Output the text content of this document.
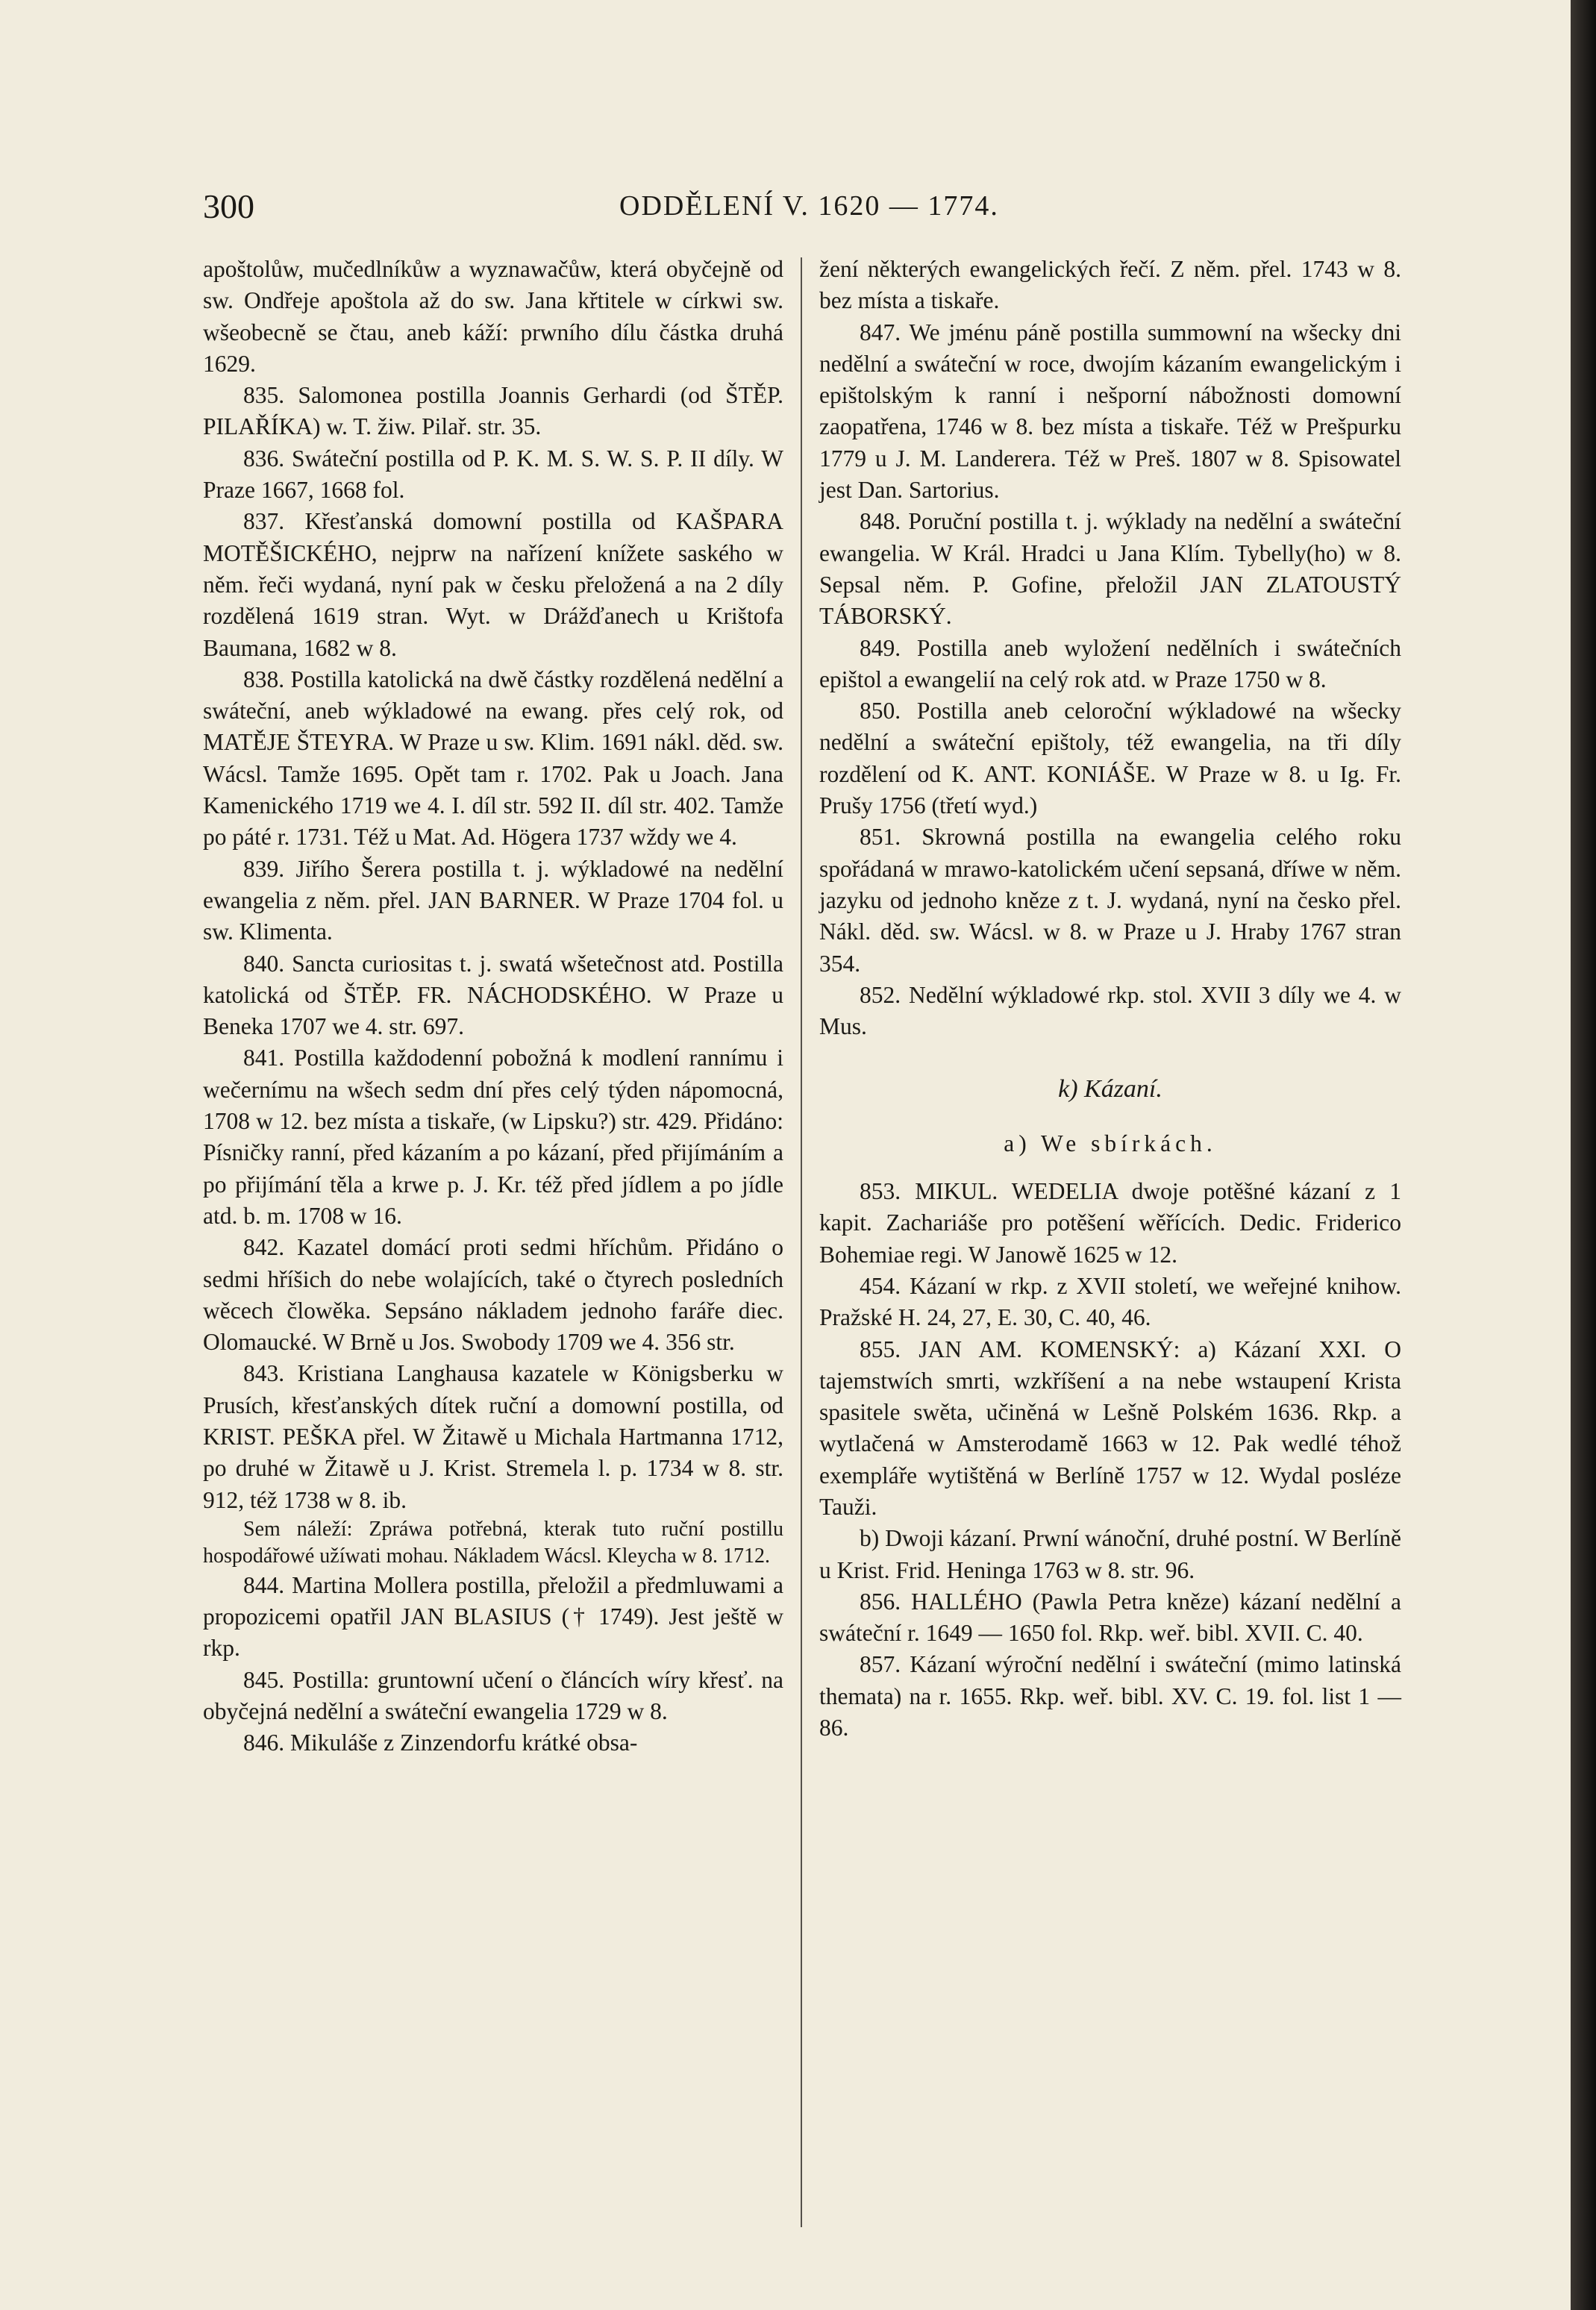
300	ODDĚLENÍ V. 1620 — 1774.

apoštolůw, mučedlníkůw a wyznawačůw, která obyčejně od sw. Ondřeje apoštola až do sw. Jana křtitele w církwi sw. wšeobecně se čtau, aneb káží: prwního dílu částka druhá 1629.

835. Salomonea postilla Joannis Gerhardi (od ŠTĚP. PILAŘÍKA) w. T. žiw. Pilař. str. 35.

836. Swáteční postilla od P. K. M. S. W. S. P. II díly. W Praze 1667, 1668 fol.

837. Křesťanská domowní postilla od KAŠPARA MOTĚŠICKÉHO, nejprw na nařízení knížete saského w něm. řeči wydaná, nyní pak w česku přeložená a na 2 díly rozdělená 1619 stran. Wyt. w Drážďanech u Krištofa Baumana, 1682 w 8.

838. Postilla katolická na dwě částky rozdělená nedělní a swáteční, aneb wýkladowé na ewang. přes celý rok, od MATĚJE ŠTEYRA. W Praze u sw. Klim. 1691 nákl. děd. sw. Wácsl. Tamže 1695. Opět tam r. 1702. Pak u Joach. Jana Kamenického 1719 we 4. I. díl str. 592 II. díl str. 402. Tamže po páté r. 1731. Též u Mat. Ad. Högera 1737 wždy we 4.

839. Jiřího Šerera postilla t. j. wýkladowé na nedělní ewangelia z něm. přel. JAN BARNER. W Praze 1704 fol. u sw. Klimenta.

840. Sancta curiositas t. j. swatá wšetečnost atd. Postilla katolická od ŠTĚP. FR. NÁCHODSKÉHO. W Praze u Beneka 1707 we 4. str. 697.

841. Postilla každodenní pobožná k modlení rannímu i wečernímu na wšech sedm dní přes celý týden nápomocná, 1708 w 12. bez místa a tiskaře, (w Lipsku?) str. 429. Přidáno: Písničky ranní, před kázaním a po kázaní, před přijímáním a po přijímání těla a krwe p. J. Kr. též před jídlem a po jídle atd. b. m. 1708 w 16.

842. Kazatel domácí proti sedmi hříchům. Přidáno o sedmi hříšich do nebe wolajících, také o čtyrech posledních wěcech člowěka. Sepsáno nákladem jednoho faráře diec. Olomaucké. W Brně u Jos. Swobody 1709 we 4. 356 str.

843. Kristiana Langhausa kazatele w Königsberku w Prusích, křesťanských dítek ruční a domowní postilla, od KRIST. PEŠKA přel. W Žitawě u Michala Hartmanna 1712, po druhé w Žitawě u J. Krist. Stremela l. p. 1734 w 8. str. 912, též 1738 w 8. ib.

Sem náleží: Zpráwa potřebná, kterak tuto ruční postillu hospodářowé užíwati mohau. Nákladem Wácsl. Kleycha w 8. 1712.

844. Martina Mollera postilla, přeložil a předmluwami a propozicemi opatřil JAN BLASIUS († 1749). Jest ještě w rkp.

845. Postilla: gruntowní učení o článcích wíry křesť. na obyčejná nedělní a swáteční ewangelia 1729 w 8.

846. Mikuláše z Zinzendorfu krátké obsa-

žení některých ewangelických řečí. Z něm. přel. 1743 w 8. bez místa a tiskaře.

847. We jménu páně postilla summowní na wšecky dni nedělní a swáteční w roce, dwojím kázaním ewangelickým i epištolským k ranní i nešporní nábožnosti domowní zaopatřena, 1746 w 8. bez místa a tiskaře. Též w Prešpurku 1779 u J. M. Landerera. Též w Preš. 1807 w 8. Spisowatel jest Dan. Sartorius.

848. Poruční postilla t. j. wýklady na nedělní a swáteční ewangelia. W Král. Hradci u Jana Klím. Tybelly(ho) w 8. Sepsal něm. P. Gofine, přeložil JAN ZLATOUSTÝ TÁBORSKÝ.

849. Postilla aneb wyložení nedělních i swátečních epištol a ewangelií na celý rok atd. w Praze 1750 w 8.

850. Postilla aneb celoroční wýkladowé na wšecky nedělní a swáteční epištoly, též ewangelia, na tři díly rozdělení od K. ANT. KONIÁŠE. W Praze w 8. u Ig. Fr. Prušy 1756 (třetí wyd.)

851. Skrowná postilla na ewangelia celého roku spořádaná w mrawo-katolickém učení sepsaná, dříwe w něm. jazyku od jednoho kněze z t. J. wydaná, nyní na česko přel. Nákl. děd. sw. Wácsl. w 8. w Praze u J. Hraby 1767 stran 354.

852. Nedělní wýkladowé rkp. stol. XVII 3 díly we 4. w Mus.

k) Kázaní.
a) We sbírkách.

853. MIKUL. WEDELIA dwoje potěšné kázaní z 1 kapit. Zachariáše pro potěšení wěřících. Dedic. Friderico Bohemiae regi. W Janowě 1625 w 12.

454. Kázaní w rkp. z XVII století, we weřejné knihow. Pražské H. 24, 27, E. 30, C. 40, 46.

855. JAN AM. KOMENSKÝ: a) Kázaní XXI. O tajemstwích smrti, wzkříšení a na nebe wstaupení Krista spasitele swěta, učiněná w Lešně Polském 1636. Rkp. a wytlačená w Amsterodamě 1663 w 12. Pak wedlé téhož exempláře wytištěná w Berlíně 1757 w 12. Wydal posléze Tauži.

b) Dwoji kázaní. Prwní wánoční, druhé postní. W Berlíně u Krist. Frid. Heninga 1763 w 8. str. 96.

856. HALLÉHO (Pawla Petra kněze) kázaní nedělní a swáteční r. 1649 — 1650 fol. Rkp. weř. bibl. XVII. C. 40.

857. Kázaní wýroční nedělní i swáteční (mimo latinská themata) na r. 1655. Rkp. weř. bibl. XV. C. 19. fol. list 1 — 86.
